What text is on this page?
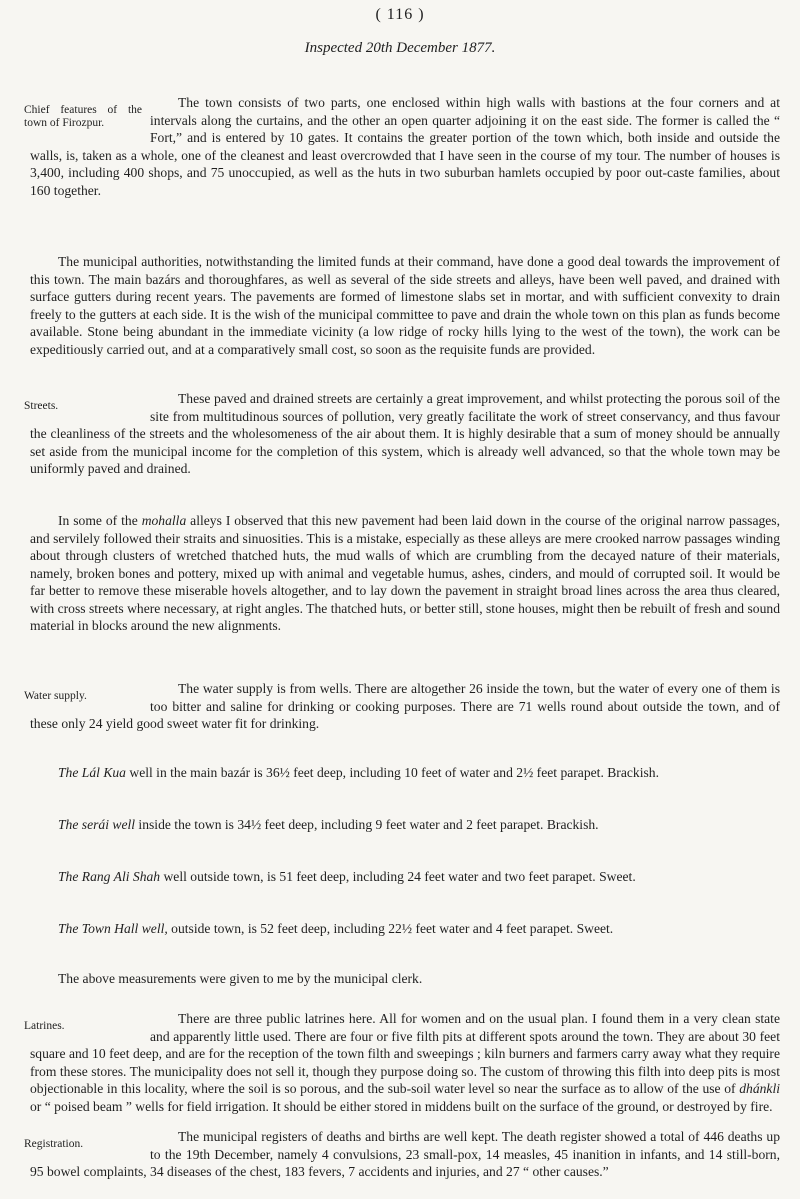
( 116 )
Inspected 20th December 1877.
Chief features of the town of Firozpur.
The town consists of two parts, one enclosed within high walls with bastions at the four corners and at intervals along the curtains, and the other an open quarter adjoining it on the east side. The former is called the “ Fort,” and is entered by 10 gates. It contains the greater portion of the town which, both inside and outside the walls, is, taken as a whole, one of the cleanest and least overcrowded that I have seen in the course of my tour. The number of houses is 3,400, including 400 shops, and 75 unoccupied, as well as the huts in two suburban hamlets occupied by poor out-caste families, about 160 together.
The municipal authorities, notwithstanding the limited funds at their command, have done a good deal towards the improvement of this town. The main bazárs and thoroughfares, as well as several of the side streets and alleys, have been well paved, and drained with surface gutters during recent years. The pavements are formed of limestone slabs set in mortar, and with sufficient convexity to drain freely to the gutters at each side. It is the wish of the municipal committee to pave and drain the whole town on this plan as funds become available. Stone being abundant in the immediate vicinity (a low ridge of rocky hills lying to the west of the town), the work can be expeditiously carried out, and at a comparatively small cost, so soon as the requisite funds are provided.
Streets.	These paved and drained streets are certainly a great improvement, and whilst protecting the porous soil of the site from multitudinous sources of pollution, very greatly facilitate the work of street conservancy, and thus favour the cleanliness of the streets and the wholesomeness of the air about them. It is highly desirable that a sum of money should be annually set aside from the municipal income for the completion of this system, which is already well advanced, so that the whole town may be uniformly paved and drained.
In some of the mohalla alleys I observed that this new pavement had been laid down in the course of the original narrow passages, and servilely followed their straits and sinuosities. This is a mistake, especially as these alleys are mere crooked narrow passages winding about through clusters of wretched thatched huts, the mud walls of which are crumbling from the decayed nature of their materials, namely, broken bones and pottery, mixed up with animal and vegetable humus, ashes, cinders, and mould of corrupted soil. It would be far better to remove these miserable hovels altogether, and to lay down the pavement in straight broad lines across the area thus cleared, with cross streets where necessary, at right angles. The thatched huts, or better still, stone houses, might then be rebuilt of fresh and sound material in blocks around the new alignments.
Water supply.	The water supply is from wells. There are altogether 26 inside the town, but the water of every one of them is too bitter and saline for drinking or cooking purposes. There are 71 wells round about outside the town, and of these only 24 yield good sweet water fit for drinking.
The Lál Kua well in the main bazár is 36½ feet deep, including 10 feet of water and 2½ feet parapet. Brackish.
The serái well inside the town is 34½ feet deep, including 9 feet water and 2 feet parapet. Brackish.
The Rang Ali Shah well outside town, is 51 feet deep, including 24 feet water and two feet parapet. Sweet.
The Town Hall well, outside town, is 52 feet deep, including 22½ feet water and 4 feet parapet. Sweet.
The above measurements were given to me by the municipal clerk.
Latrines.	There are three public latrines here. All for women and on the usual plan. I found them in a very clean state and apparently little used. There are four or five filth pits at different spots around the town. They are about 30 feet square and 10 feet deep, and are for the reception of the town filth and sweepings ; kiln burners and farmers carry away what they require from these stores. The municipality does not sell it, though they purpose doing so. The custom of throwing this filth into deep pits is most objectionable in this locality, where the soil is so porous, and the sub-soil water level so near the surface as to allow of the use of dhánkli or “ poised beam ” wells for field irrigation. It should be either stored in middens built on the surface of the ground, or destroyed by fire.
Registration.	The municipal registers of deaths and births are well kept. The death register showed a total of 446 deaths up to the 19th December, namely 4 convulsions, 23 small-pox, 14 measles, 45 inanition in infants, and 14 still-born, 95 bowel complaints, 34 diseases of the chest, 183 fevers, 7 accidents and injuries, and 27 “ other causes.”
